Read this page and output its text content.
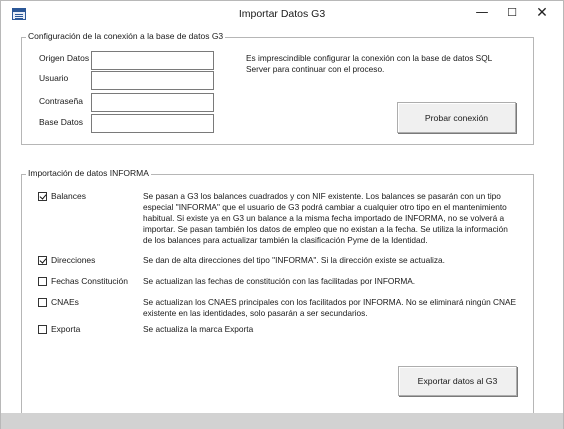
Importar Datos G3	—	☐	✕
Configuración de la conexión a la base de datos G3
Origen Datos
Usuario
Contraseña
Base Datos
Es imprescindible configurar la conexión con la base de datos SQL Server para continuar con el proceso.
Probar conexión
Importación de datos INFORMA
Balances	Se pasan a G3 los balances cuadrados y con NIF existente. Los balances se pasarán con un tipo especial "INFORMA" que el usuario de G3 podrá cambiar a cualquier otro tipo en el mantenimiento habitual. Si existe ya en G3 un balance a la misma fecha importado de INFORMA, no se volverá a importar. Se pasan también los datos de empleo que no existan a la fecha. Se utiliza la información de los balances para actualizar también la clasificación Pyme de la Identidad.
Direcciones	Se dan de alta direcciones del tipo "INFORMA". Si la dirección existe se actualiza.
Fechas Constitución Se actualizan las fechas de constitución con las facilitadas por INFORMA.
CNAEs	Se actualizan los CNAES principales con los facilitados por INFORMA. No se eliminará ningún CNAE existente en las identidades, solo pasarán a ser secundarios.
Exporta	Se actualiza la marca Exporta
Exportar datos al G3
